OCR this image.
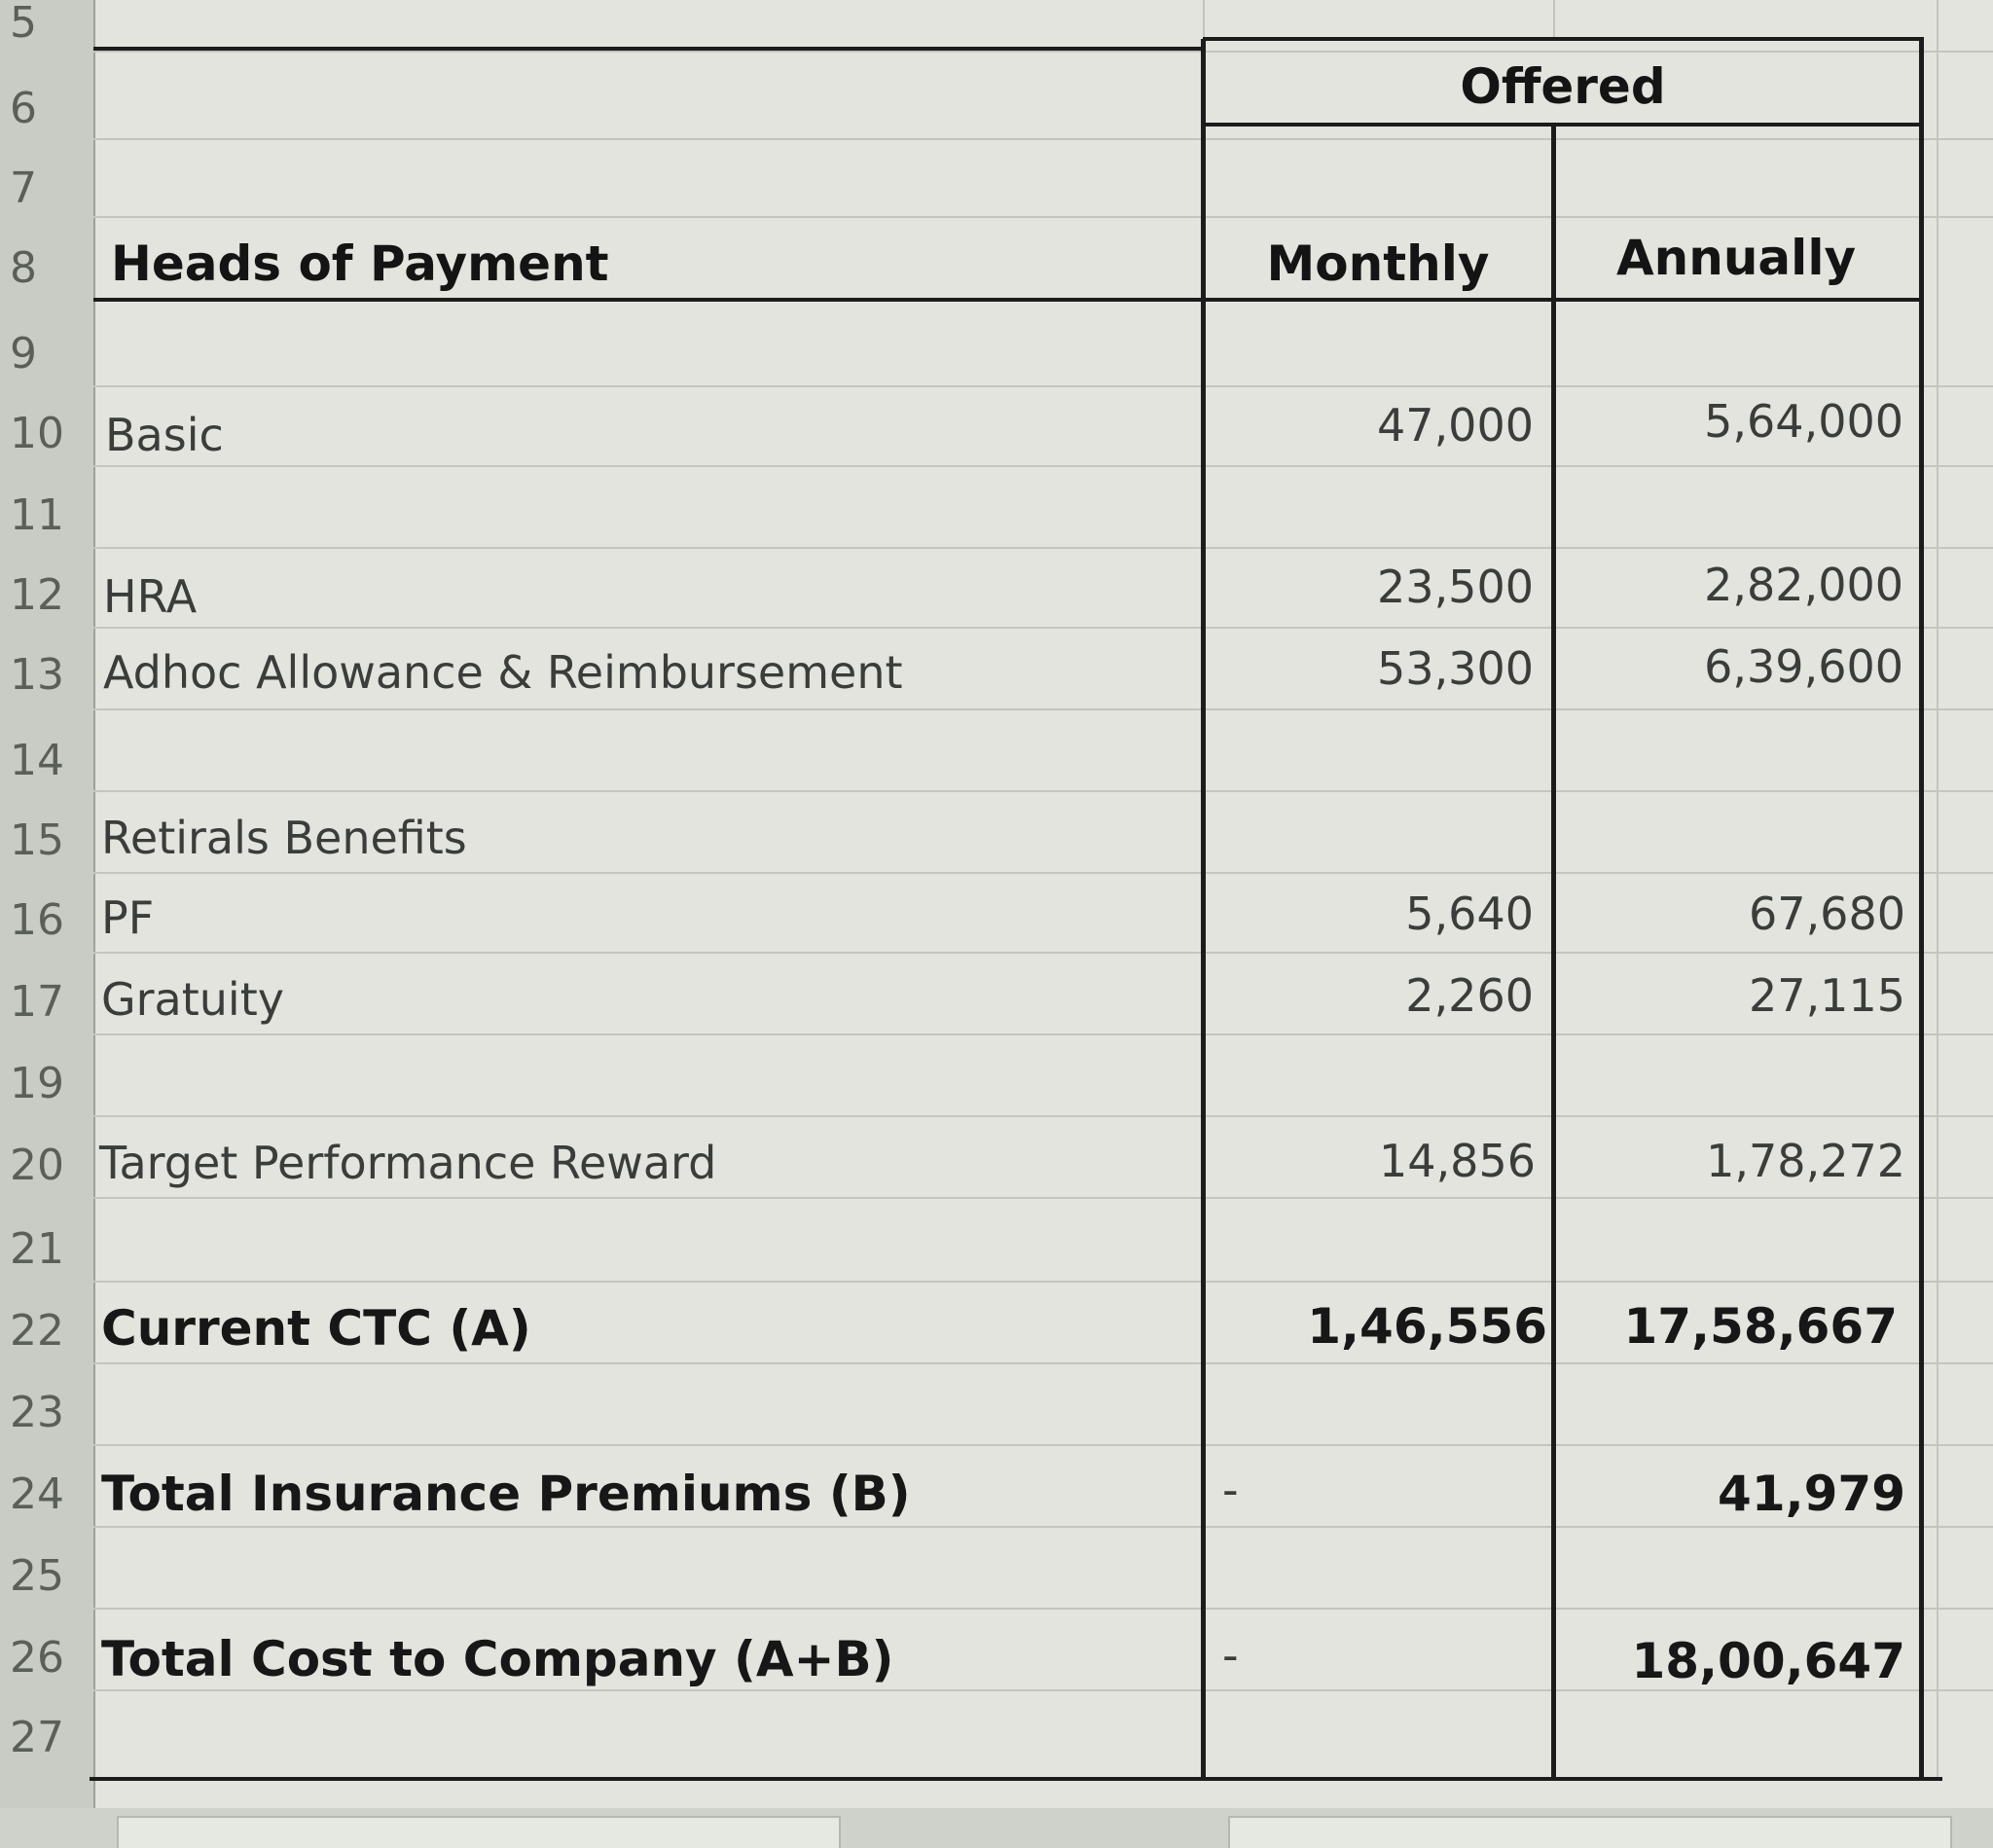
5
6
7
8
9
10
11
12
13
14
15
16
17
19
20
21
22
23
24
25
26
27
Offered
Heads of Payment	Monthly	Annually
Basic	47,000	5,64,000
HRA	23,500	2,82,000
Adhoc Allowance & Reimbursement	53,300	6,39,600
Retirals Benefits
PF	5,640	67,680
Gratuity	2,260	27,115
Target Performance Reward	14,856	1,78,272
Current CTC (A)	1,46,556	17,58,667
Total Insurance Premiums (B)	-	41,979
Total Cost to Company (A+B)	-	18,00,647
